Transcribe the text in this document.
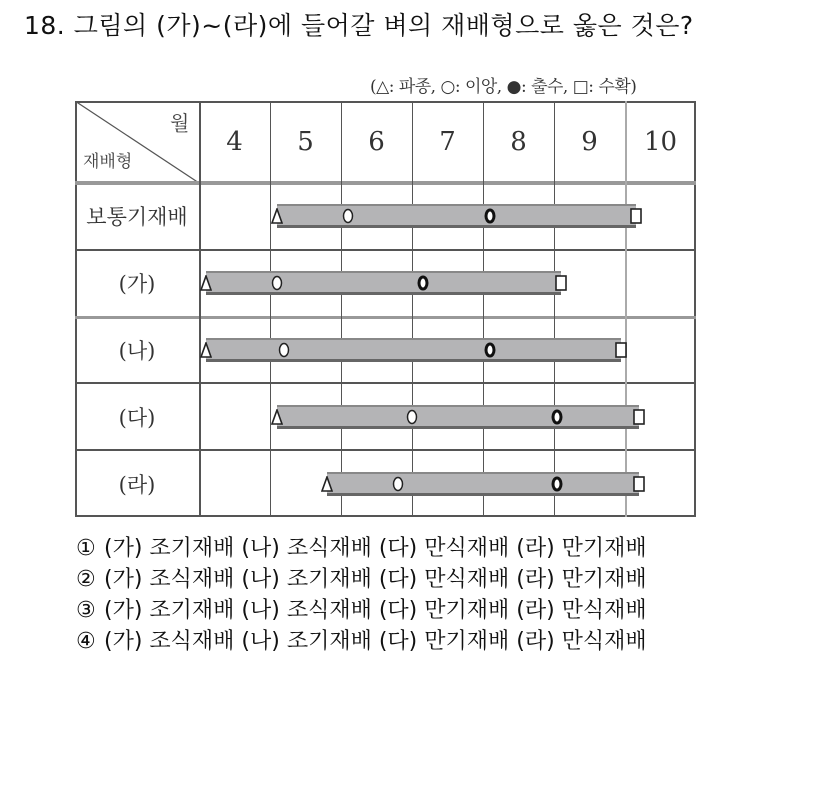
18. 그림의 (가)~(라)에 들어갈 벼의 재배형으로 옳은 것은?
(△: 파종, ○: 이앙, ●: 출수, □: 수확)
월
재배형
4	5	6	7	8	9	10
보통기재배
(가)
(나)
(다)
(라)
① (가) 조기재배 (나) 조식재배 (다) 만식재배 (라) 만기재배
② (가) 조식재배 (나) 조기재배 (다) 만식재배 (라) 만기재배
③ (가) 조기재배 (나) 조식재배 (다) 만기재배 (라) 만식재배
④ (가) 조식재배 (나) 조기재배 (다) 만기재배 (라) 만식재배
